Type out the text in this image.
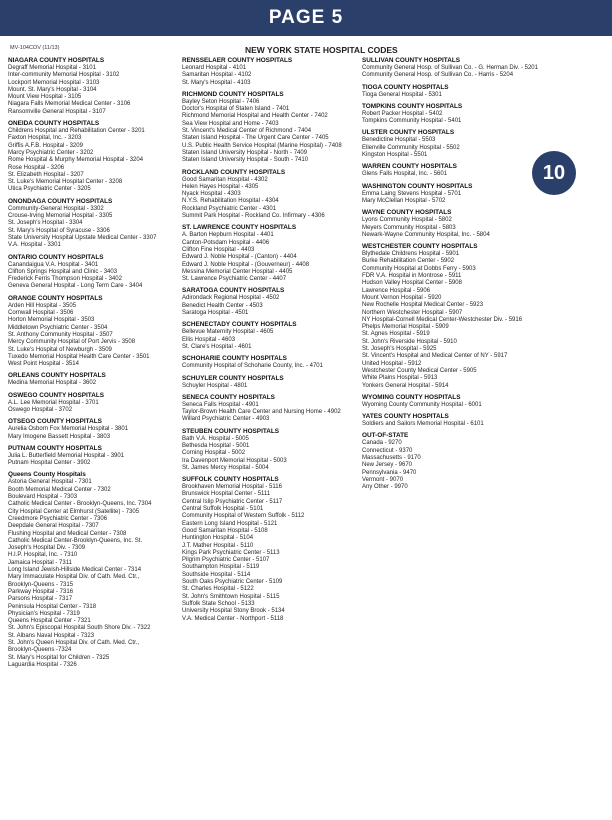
PAGE 5
MV-104COV (11/13)	NEW YORK STATE HOSPITAL CODES
NIAGARA COUNTY HOSPITALS
Degraff Memorial Hospital - 3101
Inter-community Memorial Hospital - 3102
Lockport Memorial Hospital - 3103
Mount. St. Mary's Hospital - 3104
Mount View Hospital - 3105
Niagara Falls Memorial Medical Center - 3106
Ransomville General Hospital - 3107
ONEIDA COUNTY HOSPITALS
Childrens Hospital and Rehabilitation Center - 3201
Faxton Hospital, Inc. - 3203
Griffis A.F.B. Hospital - 3209
Marcy Psychiatric Center - 3202
Rome Hospital & Murphy Memorial Hospital - 3204
Rose Hospital - 3206
St. Elizabeth Hospital - 3207
St. Luke's Memorial Hospital Center - 3208
Utica Psychiatric Center - 3205
ONONDAGA COUNTY HOSPITALS
Community-General Hospital - 3302
Crouse-Irving Memorial Hospital - 3305
St. Joseph's Hospital - 3304
St. Mary's Hospital of Syracuse - 3306
State University Hospital Upstate Medical Center - 3307
V.A. Hospital - 3301
ONTARIO COUNTY HOSPITALS
Canandaigua V.A. Hospital - 3401
Clifton Springs Hospital and Clinic - 3403
Frederick Ferris Thompson Hospital - 3402
Geneva General Hospital - Long Term Care - 3404
ORANGE COUNTY HOSPITALS
Arden Hill Hospital - 3505
Cornwall Hospital - 3506
Horton Memorial Hospital - 3503
Middletown Psychiatric Center - 3504
St. Anthony Community Hospital - 3507
Mercy Community Hospital of Port Jervis - 3508
St. Luke's Hospital of Newburgh - 3509
Tuxedo Memorial Hospital Health Care Center - 3501
West Point Hospital - 3514
ORLEANS COUNTY HOSPITALS
Medina Memorial Hospital - 3602
OSWEGO COUNTY HOSPITALS
A.L. Lee Memorial Hospital - 3701
Oswego Hospital - 3702
OTSEGO COUNTY HOSPITALS
Aurelia Osborn Fox Memorial Hospital - 3801
Mary Imogene Bassett Hospital - 3803
PUTNAM COUNTY HOSPITALS
Julia L. Butterfield Memorial Hospital - 3901
Putnam Hospital Center - 3902
Queens County Hospitals
Astoria General Hospital - 7301
Booth Memorial Medical Center - 7302
Boulevard Hospital - 7303
Catholic Medical Center - Brooklyn-Queens, Inc. 7304
City Hospital Center at Elmhurst (Satellite) - 7305
Creedmore Psychiatric Center - 7306
Deepdale General Hospital - 7307
Flushing Hospital and Medical Center - 7308
Catholic Medical Center-Brooklyn-Queens, Inc. St.
Joseph's Hospital Div. - 7309
H.I.P. Hospital, Inc. - 7310
Jamaica Hospital - 7311
Long Island Jewish-Hillside Medical Center - 7314
Mary Immaculate Hospital Div. of Cath. Med. Ctr.,
Brooklyn-Queens - 7315
Parkway Hospital - 7316
Parsons Hospital - 7317
Peninsula Hospital Center - 7318
Physician's Hospital - 7319
Queens Hospital Center - 7321
St. John's Episcopal Hospital South Shore Div. - 7322
St. Albans Naval Hospital - 7323
St. John's Queen Hospital Div. of Cath. Med. Ctr.,
Brooklyn-Queens -7324
St. Mary's Hospital for Children - 7325
Laguardia Hospital - 7326
RENSSELAER COUNTY HOSPITALS
Leonard Hospital - 4101
Samaritan Hospital - 4102
St. Mary's Hospital - 4103
RICHMOND COUNTY HOSPITALS
Bayley Seton Hospital - 7406
Doctor's Hospital of Staten Island - 7401
Richmond Memorial Hospital and Health Center - 7402
Sea View Hospital and Home - 7403
St. Vincent's Medical Center of Richmond - 7404
Staten Island Hospital - The Urgent Care Center - 7405
U.S. Public Health Service Hospital (Marine Hospital) - 7408
Staten Island University Hospital - North - 7409
Staten Island University Hospital - South - 7410
ROCKLAND COUNTY HOSPITALS
Good Samaritan Hospital - 4302
Helen Hayes Hospital - 4305
Nyack Hospital - 4303
N.Y.S. Rehabilitation Hospital - 4304
Rockland Psychiatric Center - 4301
Summit Park Hospital - Rockland Co. Infirmary - 4306
ST. LAWRENCE COUNTY HOSPITALS
A. Barton Hepburn Hospital - 4401
Canton-Potsdam Hospital - 4406
Clifton Fine Hospital - 4403
Edward J. Noble Hospital - (Canton) - 4404
Edward J. Noble Hospital - (Gouverneur) - 4408
Messina Memorial Center Hospital - 4405
St. Lawrence Psychiatric Center - 4407
SARATOGA COUNTY HOSPITALS
Adirondack Regional Hospital - 4502
Benedict Health Center - 4503
Saratoga Hospital - 4501
SCHENECTADY COUNTY HOSPITALS
Bellevue Maternity Hospital - 4605
Ellis Hospital - 4603
St. Clare's Hospital - 4601
SCHOHARIE COUNTY HOSPITALS
Community Hospital of Schoharie County, Inc. - 4701
SCHUYLER COUNTY HOSPITALS
Schuyler Hospital - 4801
SENECA COUNTY HOSPITALS
Seneca Falls Hospital - 4901
Taylor-Brown Health Care Center and Nursing Home - 4902
Willard Psychiatric Center - 4903
STEUBEN COUNTY HOSPITALS
Bath V.A. Hospital - 5005
Bethesda Hospital - 5001
Corning Hospital - 5002
Ira Davenport Memorial Hospital - 5003
St. James Mercy Hospital - 5004
SUFFOLK COUNTY HOSPITALS
Brookhaven Memorial Hospital - 5116
Brunswick Hospital Center - 5111
Central Islip Psychiatric Center - 5117
Central Suffolk Hospital - 5101
Community Hospital of Western Suffolk - 5112
Eastern Long Island Hospital - 5121
Good Samaritan Hospital - 5108
Huntington Hospital - 5104
J.T. Mather Hospital - 5110
Kings Park Psychiatric Center - 5113
Pilgrim Psychiatric Center - 5107
Southampton Hospital - 5119
Southside Hospital - 5114
South Oaks Psychiatric Center - 5109
St. Charles Hospital - 5122
St. John's Smithtown Hospital - 5115
Suffolk State School - 5133
University Hospital Stony Brook - 5134
V.A. Medical Center - Northport - 5118
SULLIVAN COUNTY HOSPITALS
Community General Hosp. of Sullivan Co. - G. Herman Div. - 5201
Community General Hosp. of Sullivan Co. - Harris - 5204
TIOGA COUNTY HOSPITALS
Tioga General Hospital - 5301
TOMPKINS COUNTY HOSPITALS
Robert Packer Hospital - 5402
Tompkins Community Hospital - 5401
ULSTER COUNTY HOSPITALS
Benedictine Hospital - 5503
Ellenville Community Hospital - 5502
Kingston Hospital - 5501
WARREN COUNTY HOSPITALS
Glens Falls Hospital, Inc. - 5601
WASHINGTON COUNTY HOSPITALS
Emma Laing Stevens Hospital - 5701
Mary McClellan Hospital - 5702
WAYNE COUNTY HOSPITALS
Lyons Community Hospital - 5802
Meyers Community Hospital - 5803
Newark-Wayne Community Hospital, Inc. - 5804
WESTCHESTER COUNTY HOSPITALS
Blythedale Childrens Hospital - 5901
Burke Rehabilitation Center - 5902
Community Hospital at Dobbs Ferry - 5903
FDR V.A. Hospital in Montrose - 5911
Hudson Valley Hospital Center - 5908
Lawrence Hospital - 5906
Mount Vernon Hospital - 5920
New Rochelle Hospital Medical Center - 5923
Northern Westchester Hospital - 5907
NY Hospital-Cornell Medical Center-Westchester Div. - 5916
Phelps Memorial Hospital - 5909
St. Agnes Hospital - 5919
St. John's Riverside Hospital - 5910
St. Joseph's Hospital - 5925
St. Vincent's Hospital and Medical Center of NY - 5917
United Hospital - 5912
Westchester County Medical Center - 5905
White Plains Hospital - 5913
Yonkers General Hospital - 5914
WYOMING COUNTY HOSPITALS
Wyoming County Community Hospital - 6001
YATES COUNTY HOSPITALS
Soldiers and Sailors Memorial Hospital - 6101
OUT-OF-STATE
Canada - 9270
Connecticut - 9370
Massachusetts - 9170
New Jersey - 9670
Pennsylvania - 9470
Vermont - 9070
Any Other - 9970
10
